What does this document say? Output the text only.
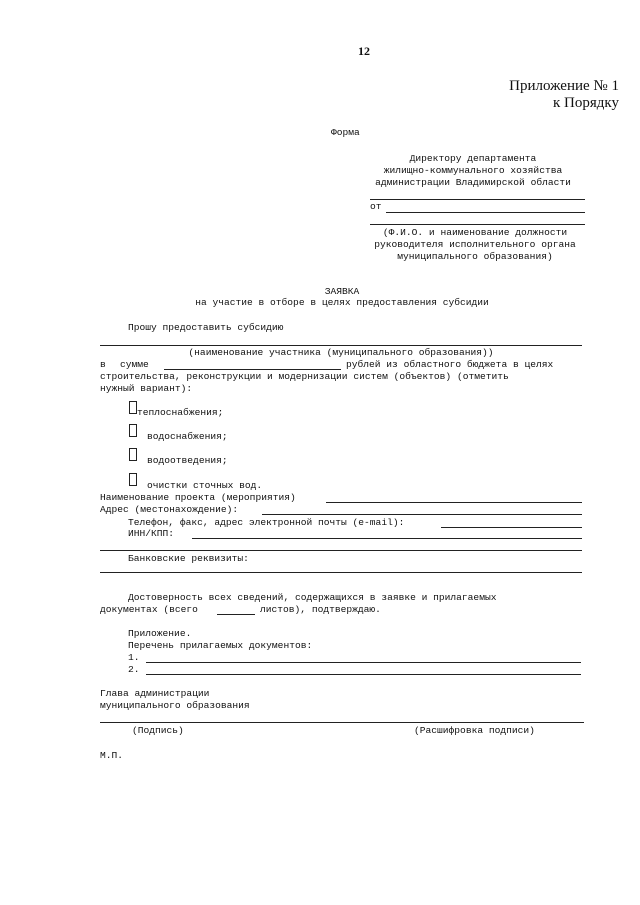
12
Приложение № 1
к Порядку
Форма
Директору департамента
жилищно-коммунального хозяйства
администрации Владимирской области
от
(Ф.И.О. и наименование должности
руководителя исполнительного органа
муниципального образования)
ЗАЯВКА
на участие в отборе в целях предоставления субсидии
Прошу предоставить субсидию
(наименование участника (муниципального образования))
в сумме	рублей из областного бюджета в целях
строительства, реконструкции и модернизации систем (объектов) (отметить
нужный вариант):
теплоснабжения;
водоснабжения;
водоотведения;
очистки сточных вод.
Наименование проекта (мероприятия)
Адрес (местонахождение):
Телефон, факс, адрес электронной почты (e-mail):
ИНН/КПП:
Банковские реквизиты:
Достоверность всех сведений, содержащихся в заявке и прилагаемых
документах (всего	листов), подтверждаю.
Приложение.
Перечень прилагаемых документов:
1.
2.
Глава администрации
муниципального образования
(Подпись)	(Расшифровка подписи)
М.П.
